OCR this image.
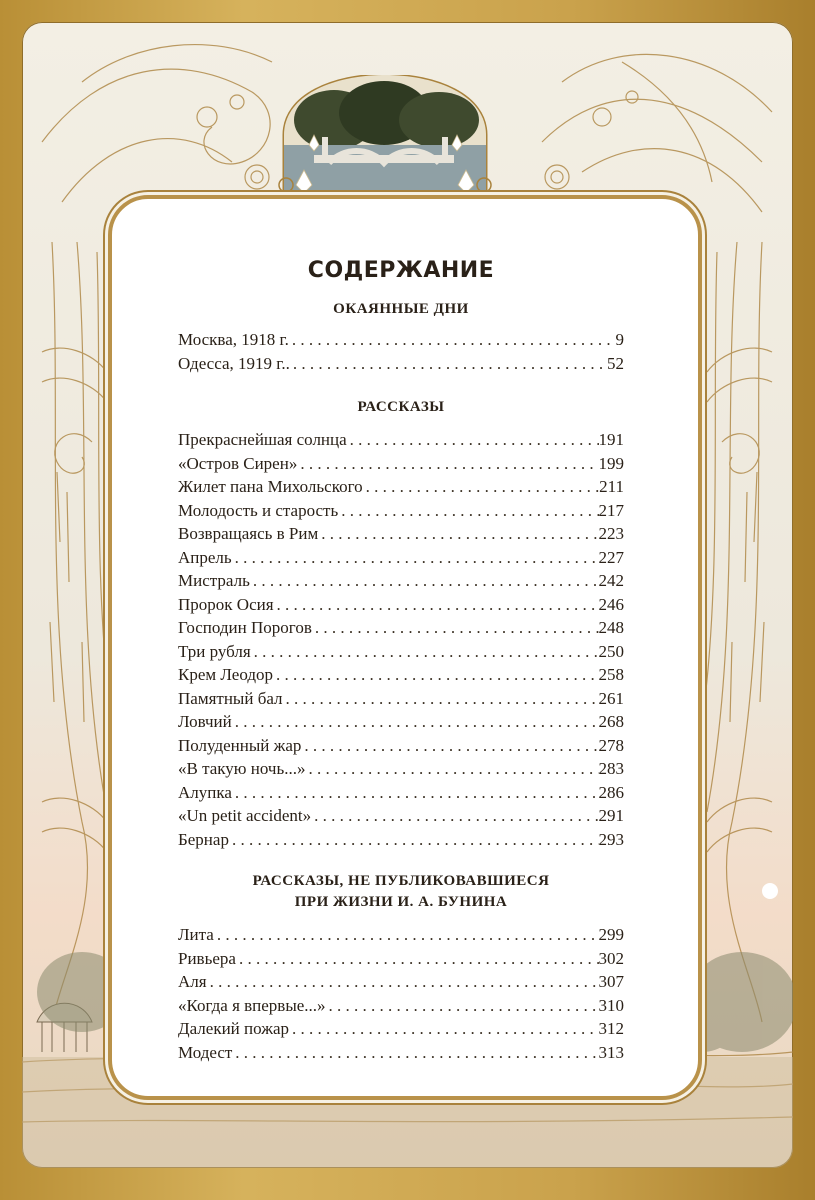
СОДЕРЖАНИЕ
ОКАЯННЫЕ ДНИ
Москва, 1918 г. . . .	9
Одесса, 1919 г.. . . .	52
РАССКАЗЫ
Прекраснейшая солнца . . .	191
«Остров Сирен» . . .	199
Жилет пана Михольского . . .	211
Молодость и старость . . .	217
Возвращаясь в Рим . . .	223
Апрель . . .	227
Мистраль . . .	242
Пророк Осия . . .	246
Господин Порогов . . .	248
Три рубля . . .	250
Крем Леодор . . .	258
Памятный бал . . .	261
Ловчий . . .	268
Полуденный жар . . .	278
«В такую ночь...» . . .	283
Алупка . . .	286
«Un petit accident» . . .	291
Бернар . . .	293
РАССКАЗЫ, НЕ ПУБЛИКОВАВШИЕСЯ
ПРИ ЖИЗНИ И. А. БУНИНА
Лита . . .	299
Ривьера . . .	302
Аля . . .	307
«Когда я впервые...» . . .	310
Далекий пожар . . .	312
Модест . . .	313
